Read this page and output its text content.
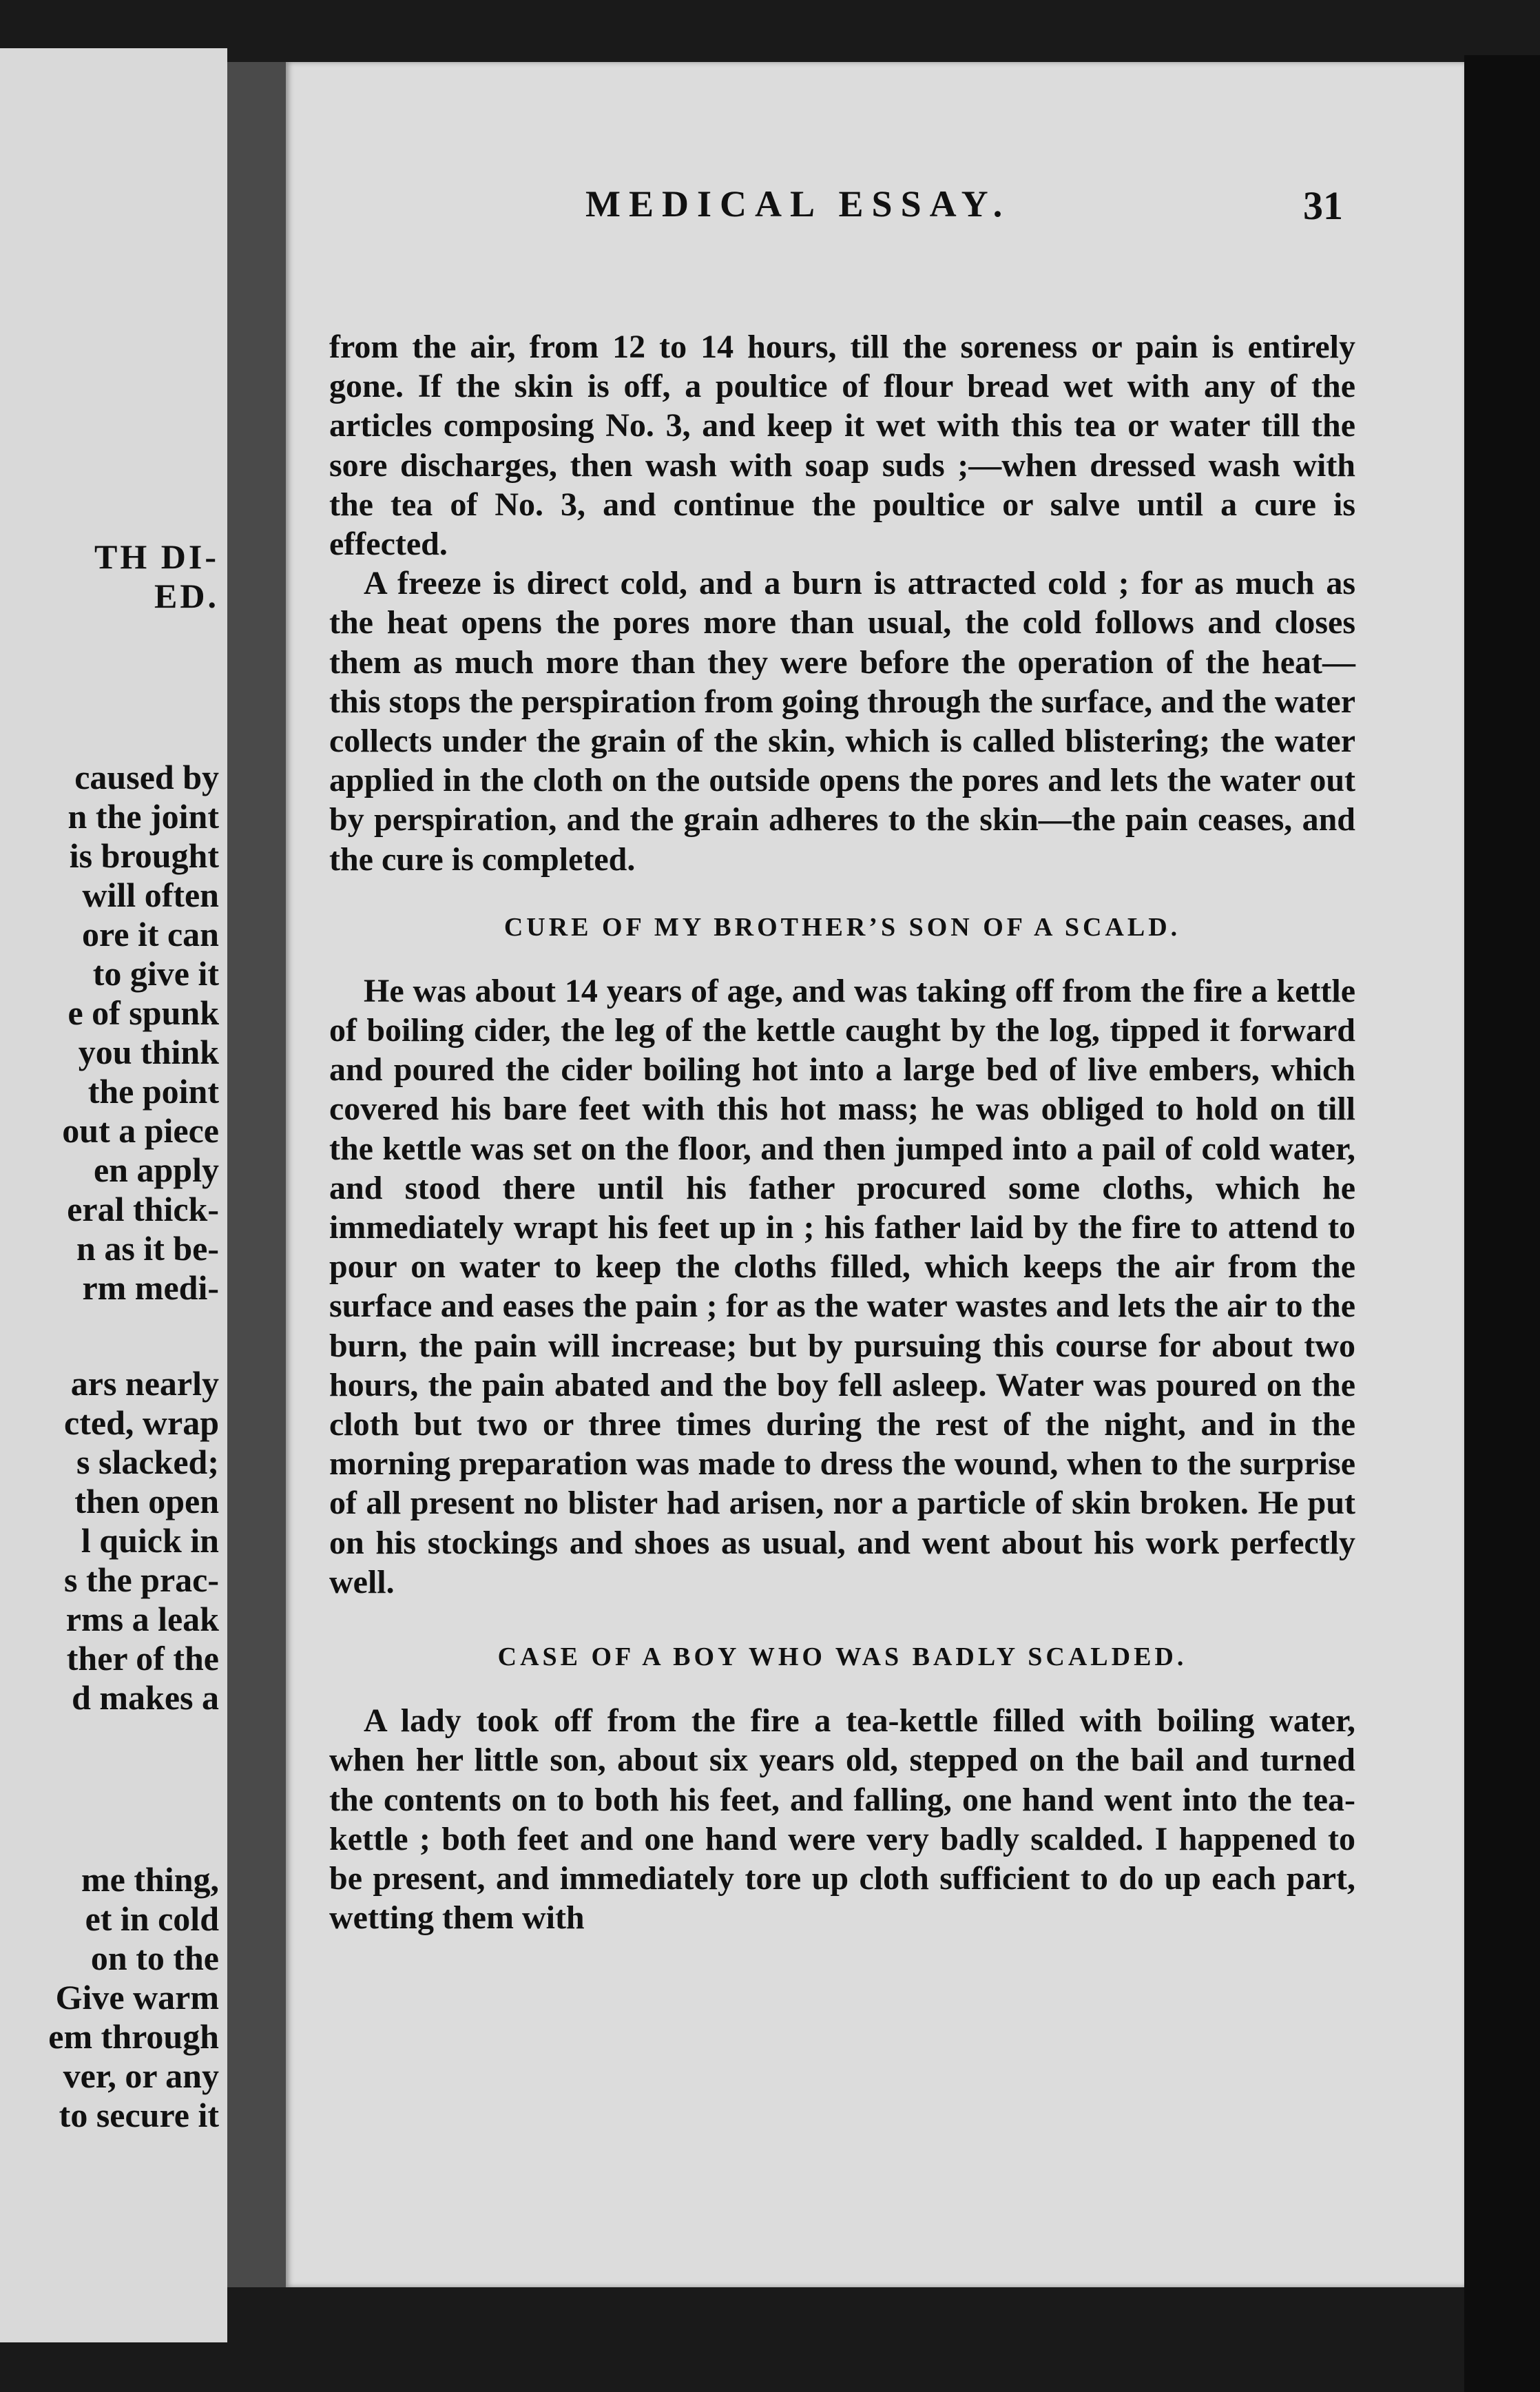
TH DI-
ED.

caused by
n the joint
is brought
will often
ore it can
to give it
e of spunk
you think
the point
out a piece
en apply
eral thick-
n as it be-
rm medi-

ars nearly
cted, wrap
s slacked;
then open
l quick in
s the prac-
rms a leak
ther of the
d makes a

me thing,
et in cold
on to the
Give warm
em through
ver, or any
to secure it

MEDICAL ESSAY.	31

from the air, from 12 to 14 hours, till the soreness or pain is entirely gone. If the skin is off, a poultice of flour bread wet with any of the articles composing No. 3, and keep it wet with this tea or water till the sore discharges, then wash with soap suds ;—when dressed wash with the tea of No. 3, and continue the poultice or salve until a cure is effected.

A freeze is direct cold, and a burn is attracted cold ; for as much as the heat opens the pores more than usual, the cold follows and closes them as much more than they were before the operation of the heat—this stops the perspiration from going through the surface, and the water collects under the grain of the skin, which is called blistering; the water applied in the cloth on the outside opens the pores and lets the water out by perspiration, and the grain adheres to the skin—the pain ceases, and the cure is completed.

CURE OF MY BROTHER’S SON OF A SCALD.

He was about 14 years of age, and was taking off from the fire a kettle of boiling cider, the leg of the kettle caught by the log, tipped it forward and poured the cider boiling hot into a large bed of live embers, which covered his bare feet with this hot mass; he was obliged to hold on till the kettle was set on the floor, and then jumped into a pail of cold water, and stood there until his father procured some cloths, which he immediately wrapt his feet up in ; his father laid by the fire to attend to pour on water to keep the cloths filled, which keeps the air from the surface and eases the pain ; for as the water wastes and lets the air to the burn, the pain will increase; but by pursuing this course for about two hours, the pain abated and the boy fell asleep. Water was poured on the cloth but two or three times during the rest of the night, and in the morning preparation was made to dress the wound, when to the surprise of all present no blister had arisen, nor a particle of skin broken. He put on his stockings and shoes as usual, and went about his work perfectly well.

CASE OF A BOY WHO WAS BADLY SCALDED.

A lady took off from the fire a tea-kettle filled with boiling water, when her little son, about six years old, stepped on the bail and turned the contents on to both his feet, and falling, one hand went into the tea-kettle ; both feet and one hand were very badly scalded. I happened to be present, and immediately tore up cloth sufficient to do up each part, wetting them with
